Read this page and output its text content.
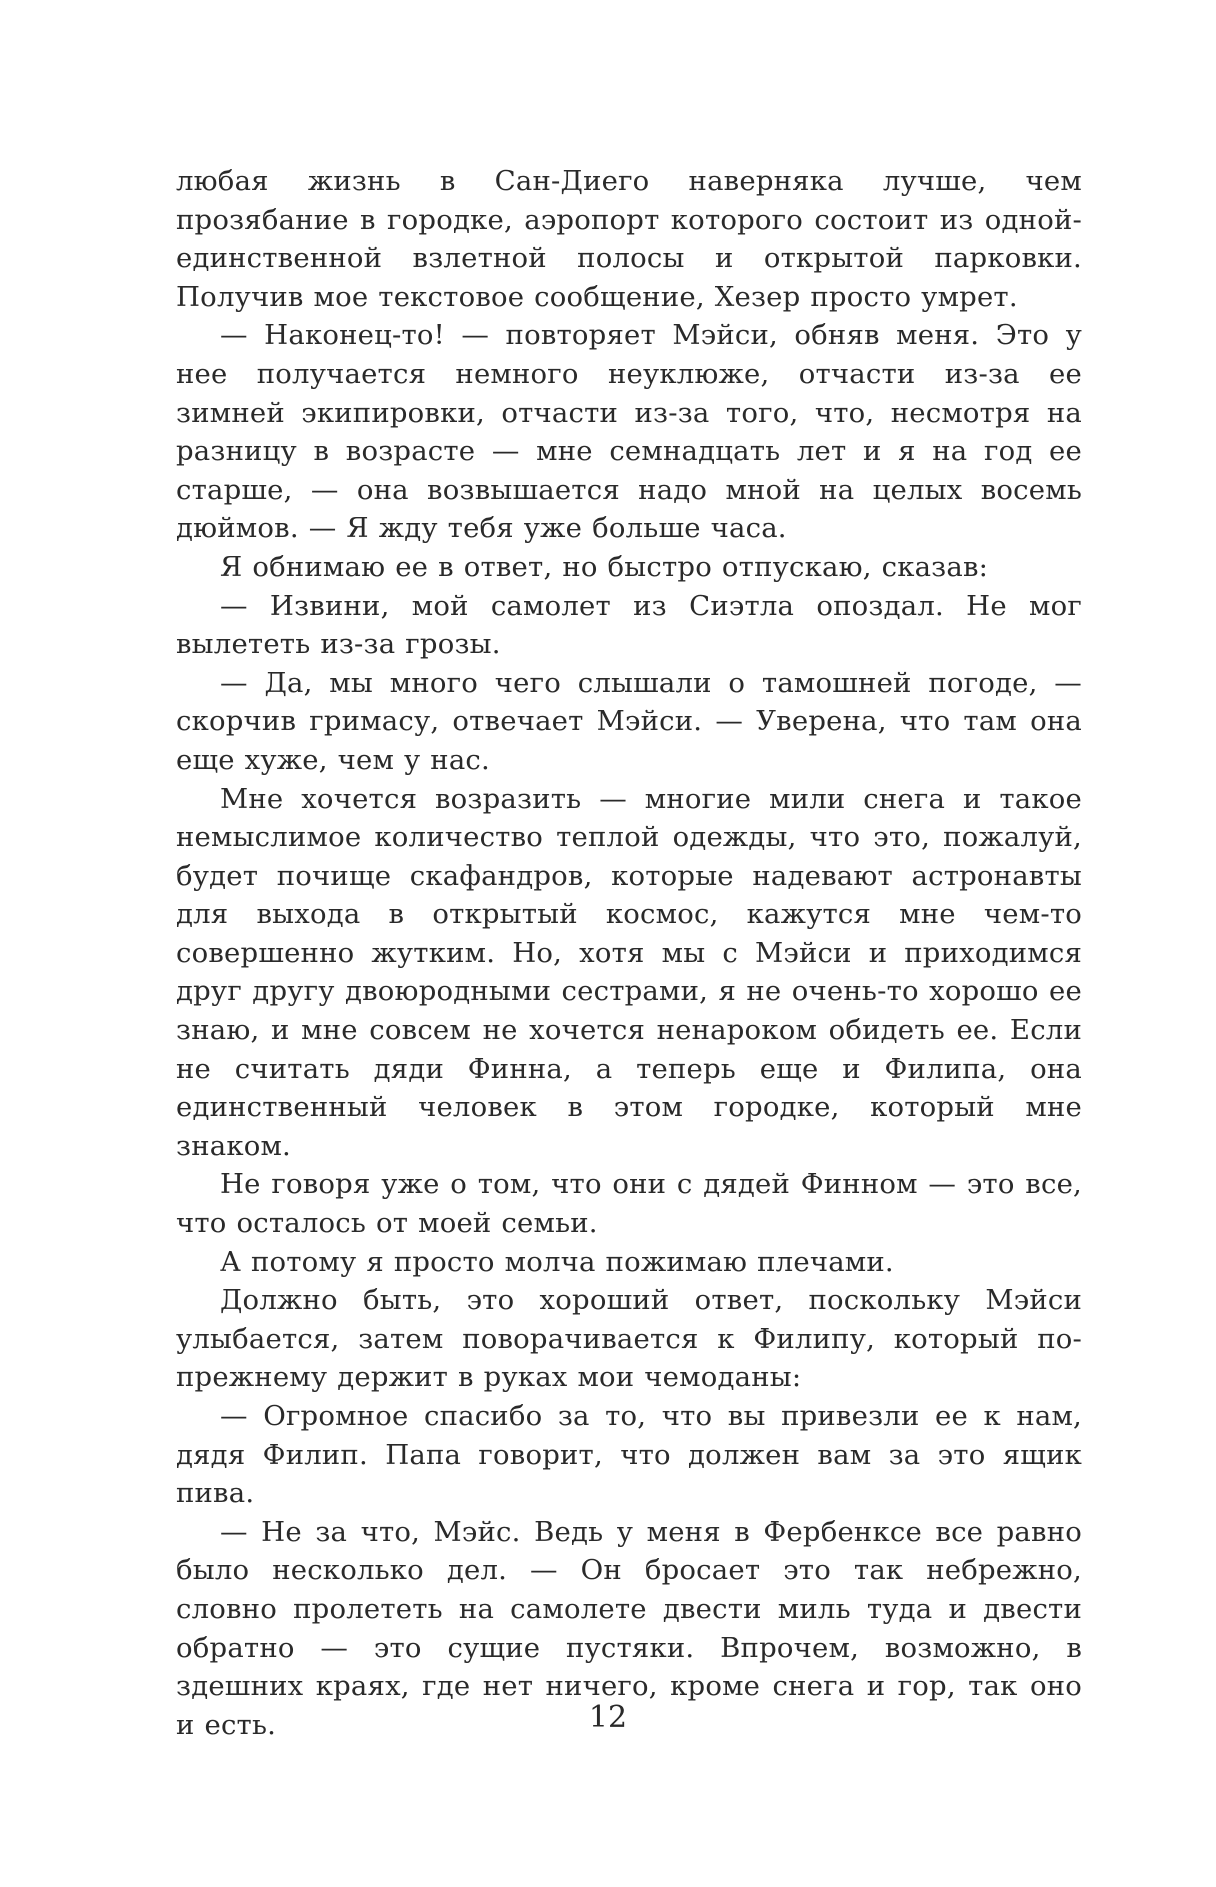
любая жизнь в Сан-Диего наверняка лучше, чем прозябание в городке, аэропорт которого состоит из одной-единственной взлетной полосы и открытой парковки. Получив мое текстовое сообщение, Хезер просто умрет.

— Наконец-то! — повторяет Мэйси, обняв меня. Это у нее получается немного неуклюже, отчасти из-за ее зимней экипировки, отчасти из-за того, что, несмотря на разницу в возрасте — мне семнадцать лет и я на год ее старше, — она возвышается надо мной на целых восемь дюймов. — Я жду тебя уже больше часа.

Я обнимаю ее в ответ, но быстро отпускаю, сказав:

— Извини, мой самолет из Сиэтла опоздал. Не мог вылететь из-за грозы.

— Да, мы много чего слышали о тамошней погоде, — скорчив гримасу, отвечает Мэйси. — Уверена, что там она еще хуже, чем у нас.

Мне хочется возразить — многие мили снега и такое немыслимое количество теплой одежды, что это, пожалуй, будет почище скафандров, которые надевают астронавты для выхода в открытый космос, кажутся мне чем-то совершенно жутким. Но, хотя мы с Мэйси и приходимся друг другу двоюродными сестрами, я не очень-то хорошо ее знаю, и мне совсем не хочется ненароком обидеть ее. Если не считать дяди Финна, а теперь еще и Филипа, она единственный человек в этом городке, который мне знаком.

Не говоря уже о том, что они с дядей Финном — это все, что осталось от моей семьи.

А потому я просто молча пожимаю плечами.

Должно быть, это хороший ответ, поскольку Мэйси улыбается, затем поворачивается к Филипу, который по-прежнему держит в руках мои чемоданы:

— Огромное спасибо за то, что вы привезли ее к нам, дядя Филип. Папа говорит, что должен вам за это ящик пива.

— Не за что, Мэйс. Ведь у меня в Фербенксе все равно было несколько дел. — Он бросает это так небрежно, словно пролететь на самолете двести миль туда и двести обратно — это сущие пустяки. Впрочем, возможно, в здешних краях, где нет ничего, кроме снега и гор, так оно и есть.	12
